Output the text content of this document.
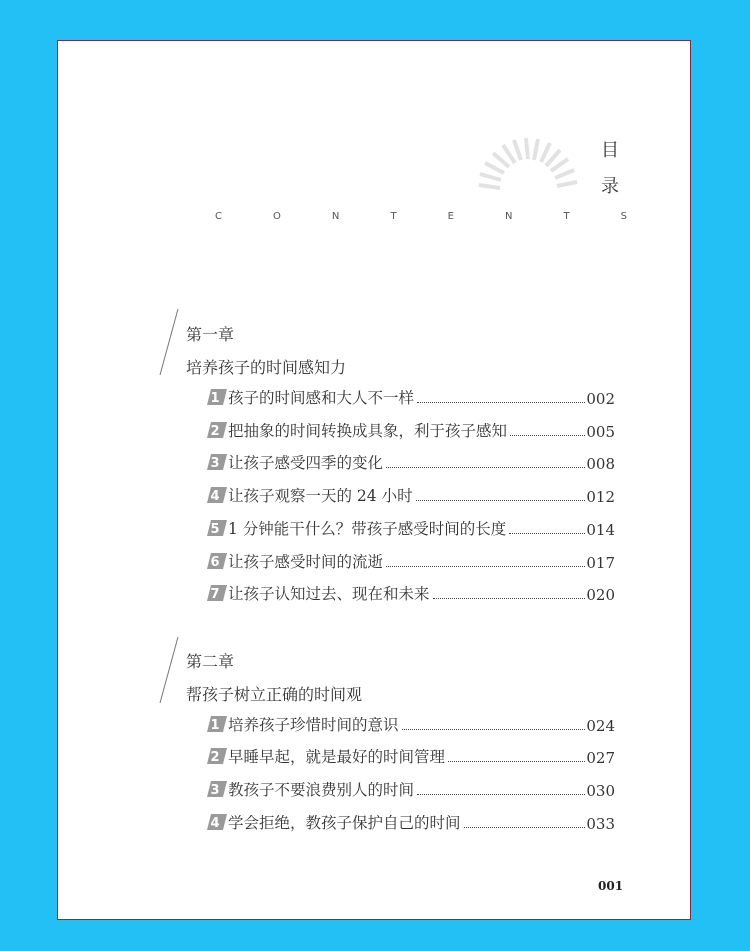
目
录
C	O	N	T	E	N	T	S
第一章
培养孩子的时间感知力
1 孩子的时间感和大人不一样	002
2 把抽象的时间转换成具象，利于孩子感知	005
3 让孩子感受四季的变化	008
4 让孩子观察一天的 24 小时	012
5 1 分钟能干什么？带孩子感受时间的长度	014
6 让孩子感受时间的流逝	017
7 让孩子认知过去、现在和未来	020
第二章
帮孩子树立正确的时间观
1 培养孩子珍惜时间的意识	024
2 早睡早起，就是最好的时间管理	027
3 教孩子不要浪费别人的时间	030
4 学会拒绝，教孩子保护自己的时间	033
001
